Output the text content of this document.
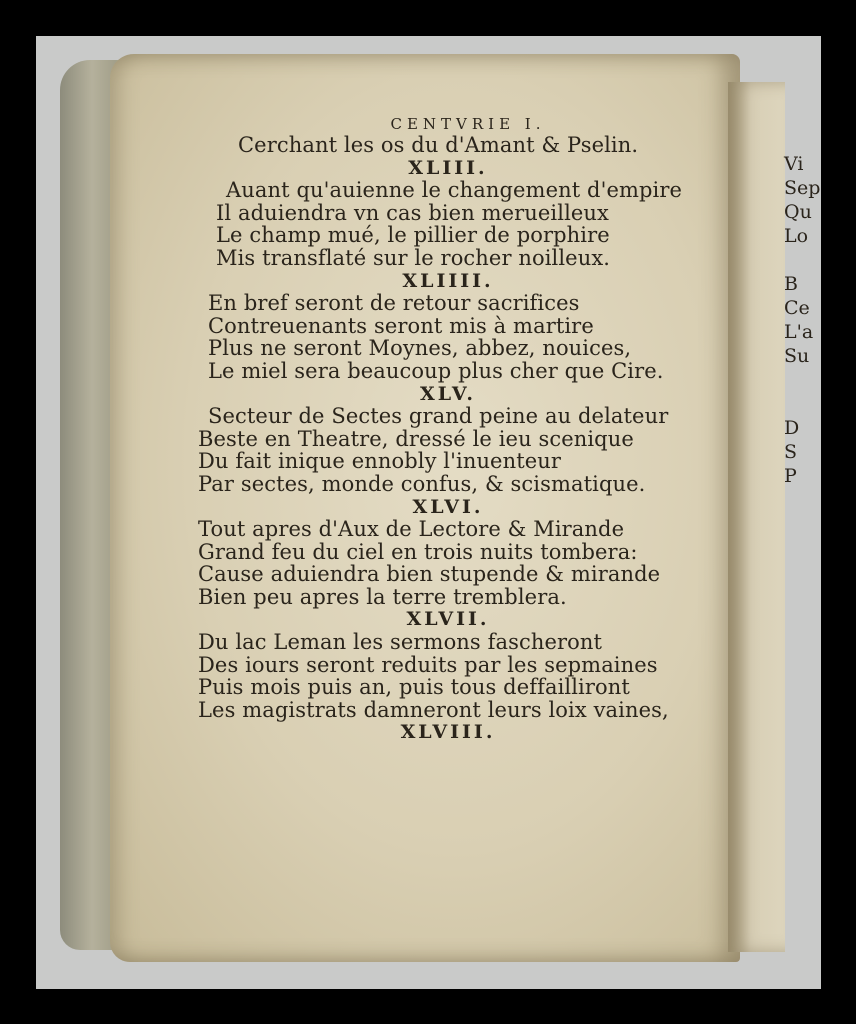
CENTVRIE I.
Cerchant les os du d'Amant & Pselin.
XLIII.
Auant qu'auienne le changement d'empire
Il aduiendra vn cas bien merueilleux
Le champ mué, le pillier de porphire
Mis transflaté sur le rocher noilleux.
XLIIII.
En bref seront de retour sacrifices
Contreuenants seront mis à martire
Plus ne seront Moynes, abbez, nouices,
Le miel sera beaucoup plus cher que Cire.
XLV.
Secteur de Sectes grand peine au delateur
Beste en Theatre, dressé le ieu scenique
Du fait inique ennobly l'inuenteur
Par sectes, monde confus, & scismatique.
XLVI.
Tout apres d'Aux de Lectore & Mirande
Grand feu du ciel en trois nuits tombera:
Cause aduiendra bien stupende & mirande
Bien peu apres la terre tremblera.
XLVII.
Du lac Leman les sermons fascheront
Des iours seront reduits par les sepmaines
Puis mois puis an, puis tous deffailliront
Les magistrats damneront leurs loix vaines,
XLVIII.
Vi
Sep
Qu
Lo
B
Ce
L'a
Su
D
S
P
